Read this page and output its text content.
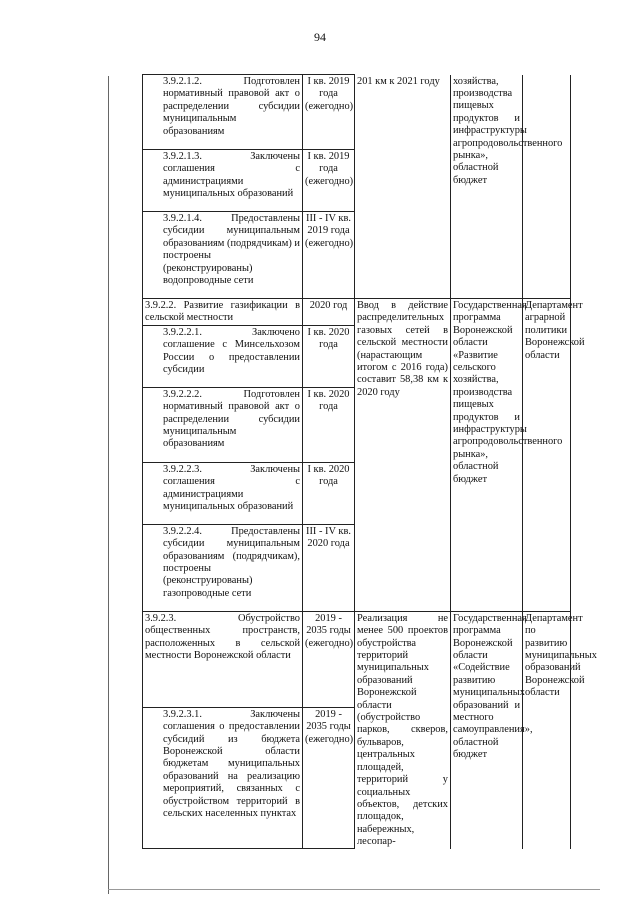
94
3.9.2.1.2. Подготовлен нормативный правовой акт о распределении субсидии муниципальным образованиям	I кв. 2019 года (ежегодно)	201 км к 2021 году	хозяйства, производства пищевых продуктов и инфраструктуры агропродовольственного рынка», областной бюджет	
3.9.2.1.3. Заключены соглашения с администрациями муниципальных образований	I кв. 2019 года (ежегодно)			
3.9.2.1.4. Предоставлены субсидии муниципальным образованиям (подрядчикам) и построены (реконструированы) водопроводные сети	III - IV кв. 2019 года (ежегодно)			
3.9.2.2. Развитие газификации в сельской местности	2020 год	Ввод в действие распределительных газовых сетей в сельской местности (нарастающим итогом с 2016 года) составит 58,38 км к 2020 году	Государственная программа Воронежской области «Развитие сельского хозяйства, производства пищевых продуктов и инфраструктуры агропродовольственного рынка», областной бюджет	Департамент аграрной политики Воронежской области
3.9.2.2.1. Заключено соглашение с Минсельхозом России о предоставлении субсидии	I кв. 2020 года			
3.9.2.2.2. Подготовлен нормативный правовой акт о распределении субсидии муниципальным образованиям	I кв. 2020 года			
3.9.2.2.3. Заключены соглашения с администрациями муниципальных образований	I кв. 2020 года			
3.9.2.2.4. Предоставлены субсидии муниципальным образованиям (подрядчикам), построены (реконструированы) газопроводные сети	III - IV кв. 2020 года			
3.9.2.3. Обустройство общественных пространств, расположенных в сельской местности Воронежской области	2019 - 2035 годы (ежегодно)	Реализация не менее 500 проектов обустройства территорий муниципальных образований Воронежской области (обустройство парков, скверов, бульваров, центральных площадей, территорий у социальных объектов, детских площадок, набережных, лесопар-	Государственная программа Воронежской области «Содействие развитию муниципальных образований и местного самоуправления», областной бюджет	Департамент по развитию муниципальных образований Воронежской области
3.9.2.3.1. Заключены соглашения о предоставлении субсидий из бюджета Воронежской области бюджетам муниципальных образований на реализацию мероприятий, связанных с обустройством территорий в сельских населенных пунктах	2019 - 2035 годы (ежегодно)			
